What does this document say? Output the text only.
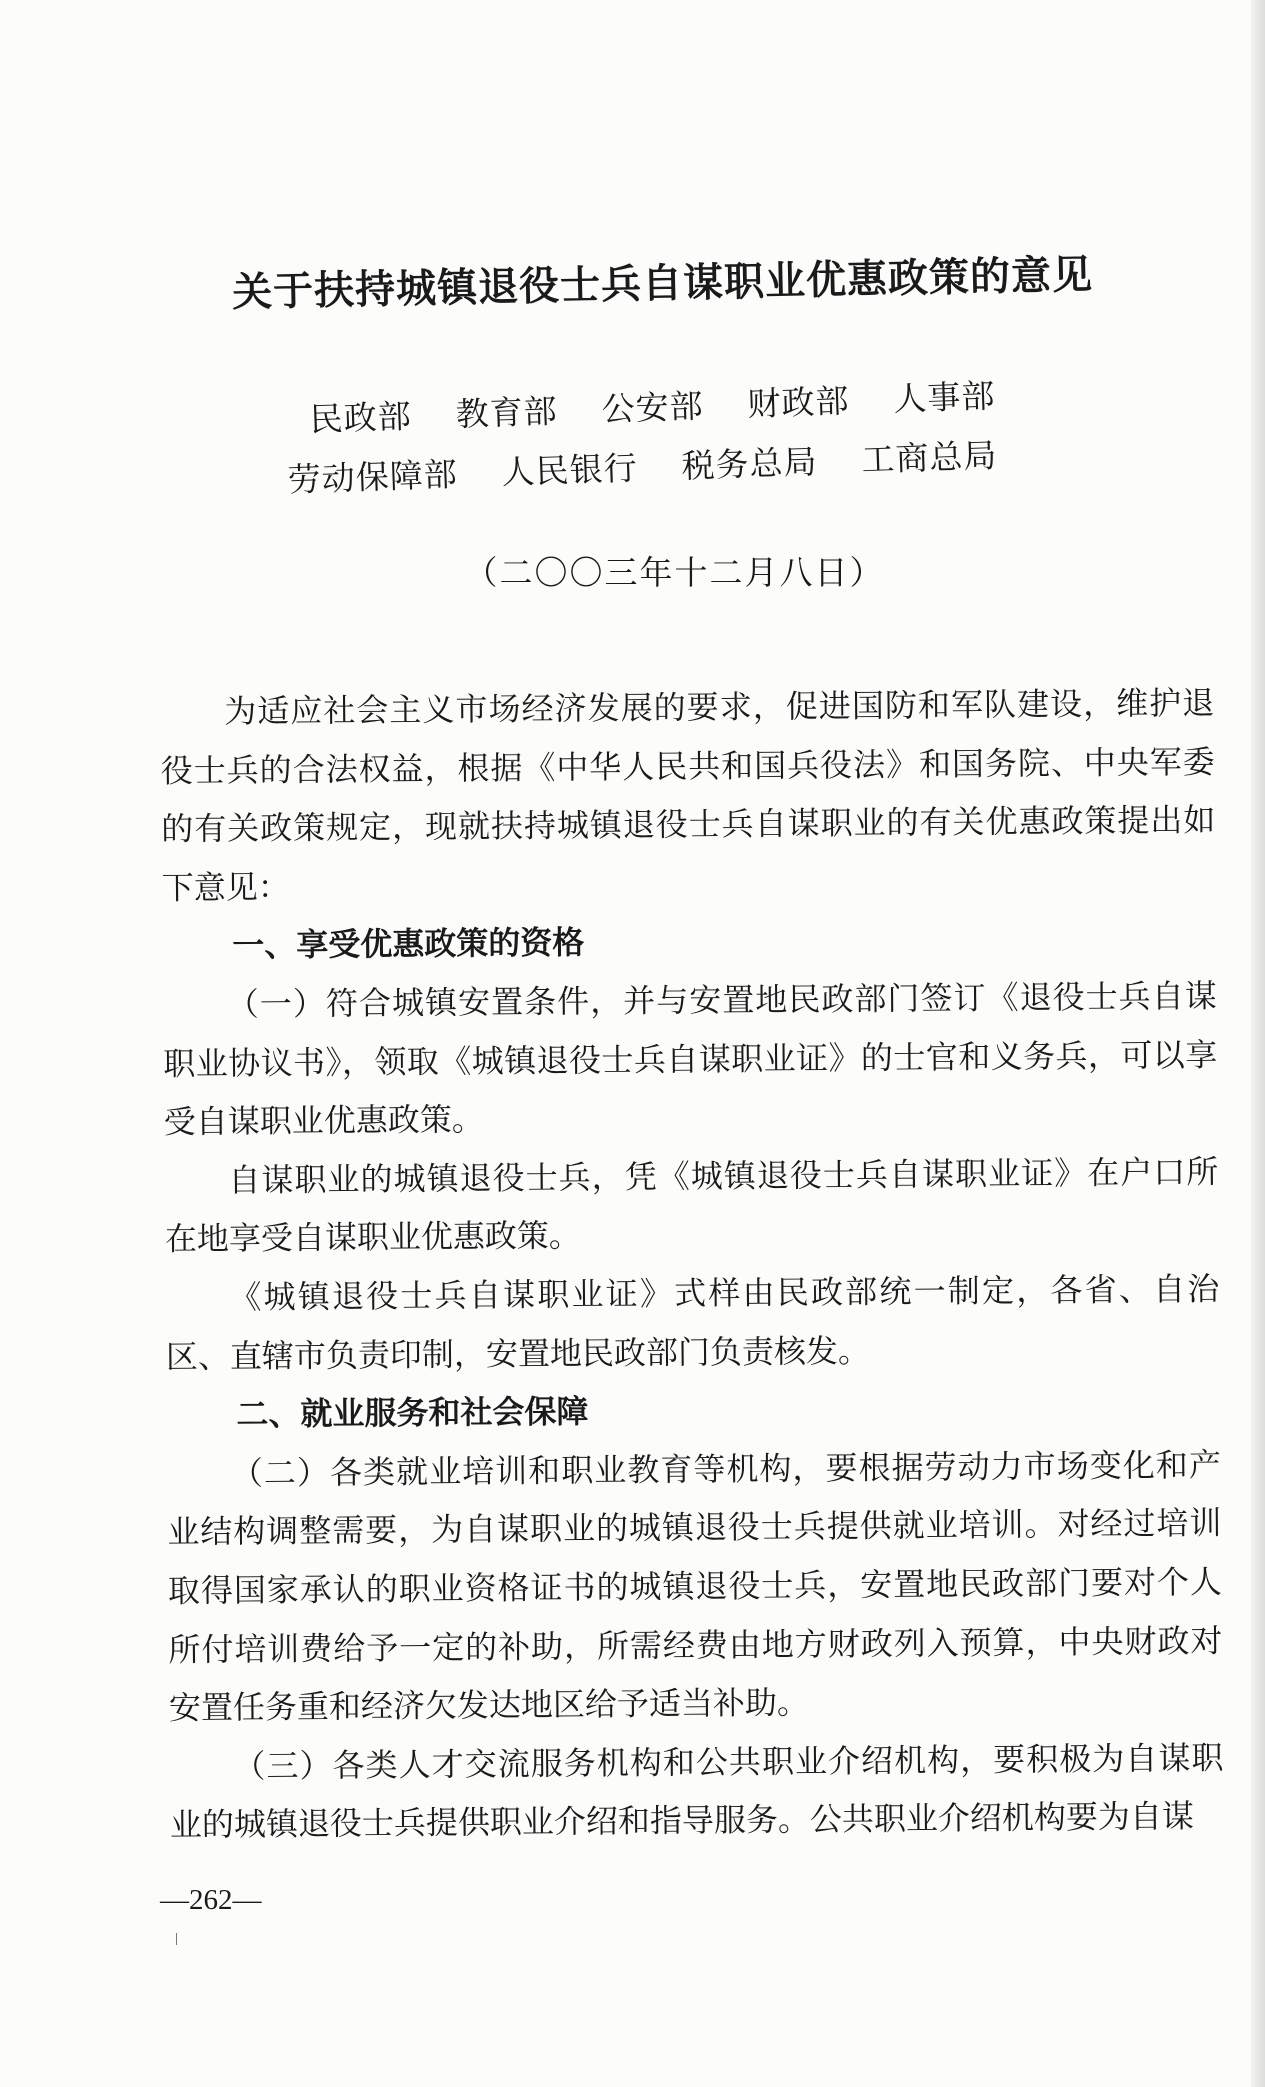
关于扶持城镇退役士兵自谋职业优惠政策的意见
民政部 教育部 公安部 财政部 人事部
劳动保障部 人民银行 税务总局 工商总局
（二〇〇三年十二月八日）

为适应社会主义市场经济发展的要求，促进国防和军队建设，维护退役士兵的合法权益，根据《中华人民共和国兵役法》和国务院、中央军委的有关政策规定，现就扶持城镇退役士兵自谋职业的有关优惠政策提出如下意见：

一、享受优惠政策的资格

（一）符合城镇安置条件，并与安置地民政部门签订《退役士兵自谋职业协议书》，领取《城镇退役士兵自谋职业证》的士官和义务兵，可以享受自谋职业优惠政策。

自谋职业的城镇退役士兵，凭《城镇退役士兵自谋职业证》在户口所在地享受自谋职业优惠政策。

《城镇退役士兵自谋职业证》式样由民政部统一制定，各省、自治区、直辖市负责印制，安置地民政部门负责核发。

二、就业服务和社会保障

（二）各类就业培训和职业教育等机构，要根据劳动力市场变化和产业结构调整需要，为自谋职业的城镇退役士兵提供就业培训。对经过培训取得国家承认的职业资格证书的城镇退役士兵，安置地民政部门要对个人所付培训费给予一定的补助，所需经费由地方财政列入预算，中央财政对安置任务重和经济欠发达地区给予适当补助。

（三）各类人才交流服务机构和公共职业介绍机构，要积极为自谋职业的城镇退役士兵提供职业介绍和指导服务。公共职业介绍机构要为自谋

—262—
